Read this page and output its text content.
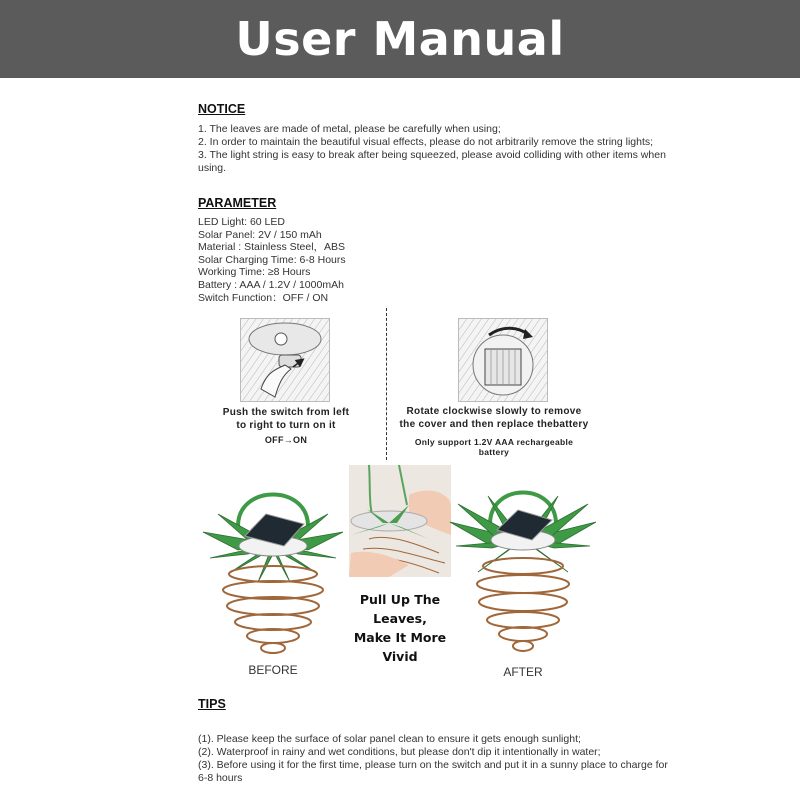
User Manual
NOTICE

1. The leaves are made of metal, please be carefully when using;

2. In order to maintain the beautiful visual effects, please do not arbitrarily remove the string lights;

3. The light string is easy to break after being squeezed, please avoid colliding with other items when using.

PARAMETER

LED Light: 60 LED

Solar Panel: 2V / 150 mAh

Material : Stainless Steel，ABS

Solar Charging Time: 6-8 Hours

Working Time: ≥8 Hours

Battery : AAA / 1.2V / 1000mAh

Switch Function：OFF / ON

Push the switch from left
to right to turn on it
OFF→ON
Rotate clockwise slowly to remove
the cover and then replace thebattery
Only support 1.2V AAA rechargeable
battery
BEFORE
Pull Up The
Leaves,
Make It More
Vivid
AFTER
TIPS

(1). Please keep the surface of solar panel clean to ensure it gets enough sunlight;

(2). Waterproof in rainy and wet conditions, but please don't dip it intentionally in water;

(3). Before using it for the first time, please turn on the switch and put it in a sunny place to charge for 6-8 hours
